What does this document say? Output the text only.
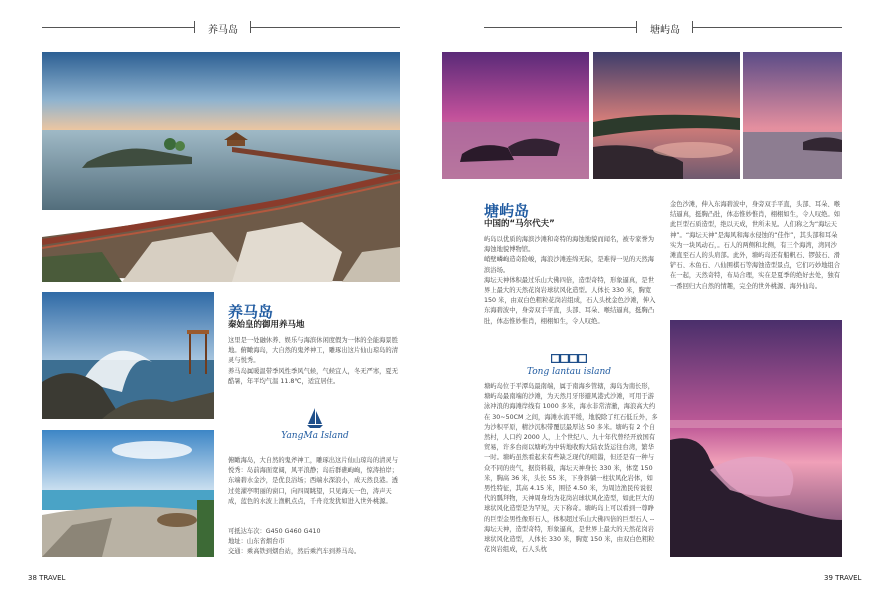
养马岛
养马岛
秦始皇的御用养马地

这里是一处融休养、娱乐与海滨休闲度假为一体的全能海景胜地。俯瞰海岛，大自然的鬼斧神工，雕琢出这片仙山琼岛的清灵与悦秀。

养马岛属暖温带季风性季风气候，气候宜人，冬无严寒，夏无酷暑，年平均气温 11.8℃，适宜居住。

YangMa Island

俯瞰海岛，大自然的鬼斧神工，雕琢出这片仙山琼岛的清灵与悦秀：岛前海面宽阔，风平浪静；岛后群礁峋峋，惊涛拍岸；东端碧水金沙，是优良浴场；西端水深浪小，成天然良港。透过莞濯亭明丽的窗口，向四周眺望，只见海天一色，涛声天成，蓝色的水波上渔帆点点，千舟竞发犹如进入世外桃源。

可抵达车次：G450 G460 G410

地址：山东省烟台市

交通：乘高铁到烟台站，然后乘汽车到养马岛。

38 TRAVEL
塘屿岛
塘屿岛
中国的“马尔代夫”

屿岛以优质的海滨沙滩和奇特的海蚀地貌而闻名，被专家誉为海蚀地貌博物馆。

峭壁嶙峋造奇险峻，海浪沙滩连绵无际，是难得一见的天然海滨浴场。

海坛天神体积最过乐山大佛四倍，造型奇特，形象逼真，是世界上最大的天然花岗岩球状风化造型。人体长 330 米，胸宽 150 米，由双白色粗粒花岗岩组成，石人头枕金色沙滩，伸入东海碧波中，身旁双手平直，头部、耳朵、喉结逼真，挺胸凸肚，体态惟妙惟肖，栩栩如生，令人叹绝。

Tong lantau island

塘屿岛位于平潭岛最南端，属于南海乡管辖，海岛为南长形，塘屿岛最南端的沙滩，为天然月牙形避风港式沙滩，可用于游泳冲浪的海滩岸线有 1000 多米，海水非常清澈，海浪高大约在 30~50CM 之间，海滩水流平缓，地貌除了红石低丘外，多为沙积平原，精沙沉积带覆层最厚达 50 多米。塘屿有 2 个自然村，人口约 2000 人，上个世纪八、九十年代曾经开放国有贸易，许多台商以塘屿为中转地收购大陆农货运往台湾，繁华一时。塘屿虽然看起来有些缺乏现代的喧嚣，但还是有一种与众不同的贵气，据资料载，海坛天神身长 330 米，体宽 150 米，胸高 36 米，头长 55 米，下身斜躺一柱状风化岩体，如男性特征，其高 4.15 米，围径 4.50 米，为周边渔民传说很代的瓢拜物，天神周身均为花岗岩球状风化造型，如此巨大的球状风化造型是为罕见，天下称奇。塘屿岛上可以看到一尊睁的巨型金男性像形石人，体积超过乐山大佛四倍的巨型石人 -- 海坛天神，造型奇特，形象逼真，是世界上最大的天然花岗岩球状风化造型，人体长 330 米，胸宽 150 米，由双白色粗粒花岗岩组成，石人头枕

金色沙滩，伸入东海碧波中，身旁双手平直，头部、耳朵、喉结逼真，挺胸凸肚，体态惟妙惟肖，栩栩如生，令人叹绝。如此巨型石质造型，绝以天成，世所未见。人们称之为“海坛天神”。“海坛天神”是海风和海水侵蚀的“佳作”，其头部和耳朵实为一块风动石，。石人的两侧和北侧，有三个海湾，湾同沙滩直至石人的头肩部。此外，塘屿岛还有船帆石、锣鼓石、滑铲石、木鱼石、八仙围棋石等海蚀造型景点，它们巧妙地组合在一起，天然奇特，布局合理，实在是夏季的绝好去处，独有一番回归大自然的情趣，完全的世外桃源、海外仙岛。

39 TRAVEL
